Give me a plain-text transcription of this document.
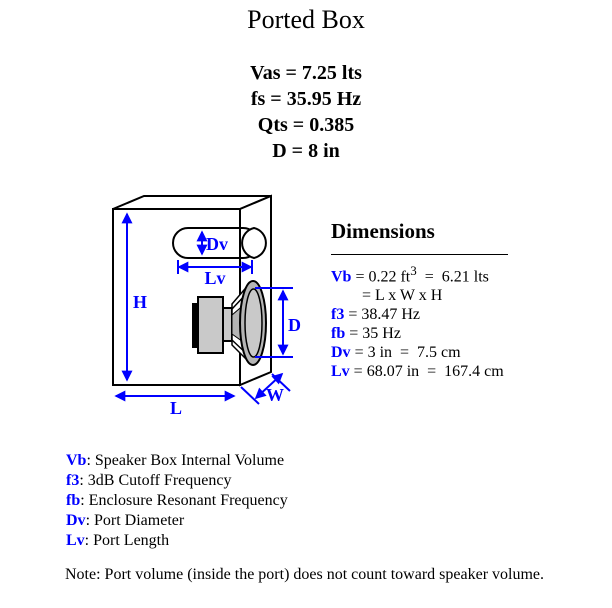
Ported Box
Vas = 7.25 lts
fs = 35.95 Hz
Qts = 0.385
D = 8 in
H
L
Dv
Lv
D
W
Dimensions
Vb = 0.22 $ft^3 = 6.21$ lts
= L x W x H
f3 = 38.47 Hz
fb = 35 Hz
Dv = 3 in  =  7.5 cm
Lv = 68.07 in  =  167.4 cm
Vb: Speaker Box Internal Volume
f3: 3dB Cutoff Frequency
fb: Enclosure Resonant Frequency
Dv: Port Diameter
Lv: Port Length
Note: Port volume (inside the port) does not count toward speaker volume.
